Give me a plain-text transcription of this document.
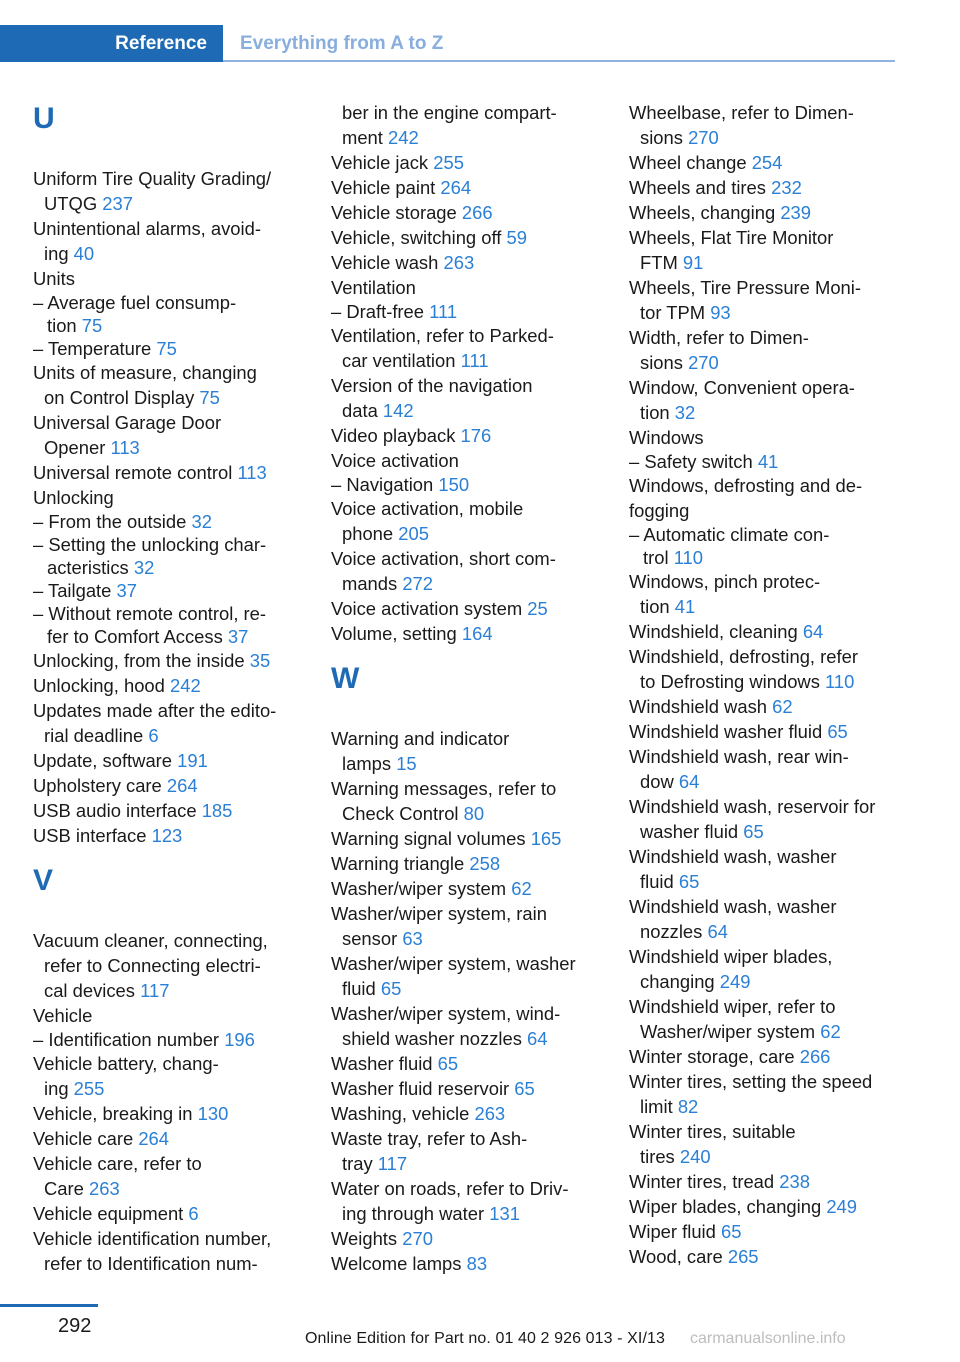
Reference	Everything from A to Z
U
Uniform Tire Quality Grading/
UTQG 237
Unintentional alarms, avoid‐
ing 40
Units
– Average fuel consump‐
tion 75
– Temperature 75
Units of measure, changing
on Control Display 75
Universal Garage Door
Opener 113
Universal remote control 113
Unlocking
– From the outside 32
– Setting the unlocking char‐
acteristics 32
– Tailgate 37
– Without remote control, re‐
fer to Comfort Access 37
Unlocking, from the inside 35
Unlocking, hood 242
Updates made after the edito‐
rial deadline 6
Update, software 191
Upholstery care 264
USB audio interface 185
USB interface 123
V
Vacuum cleaner, connecting,
refer to Connecting electri‐
cal devices 117
Vehicle
– Identification number 196
Vehicle battery, chang‐
ing 255
Vehicle, breaking in 130
Vehicle care 264
Vehicle care, refer to
Care 263
Vehicle equipment 6
Vehicle identification number,
refer to Identification num‐
ber in the engine compart‐
ment 242
Vehicle jack 255
Vehicle paint 264
Vehicle storage 266
Vehicle, switching off 59
Vehicle wash 263
Ventilation
– Draft-free 111
Ventilation, refer to Parked-
car ventilation 111
Version of the navigation
data 142
Video playback 176
Voice activation
– Navigation 150
Voice activation, mobile
phone 205
Voice activation, short com‐
mands 272
Voice activation system 25
Volume, setting 164
W
Warning and indicator
lamps 15
Warning messages, refer to
Check Control 80
Warning signal volumes 165
Warning triangle 258
Washer/wiper system 62
Washer/wiper system, rain
sensor 63
Washer/wiper system, washer
fluid 65
Washer/wiper system, wind‐
shield washer nozzles 64
Washer fluid 65
Washer fluid reservoir 65
Washing, vehicle 263
Waste tray, refer to Ash‐
tray 117
Water on roads, refer to Driv‐
ing through water 131
Weights 270
Welcome lamps 83
Wheelbase, refer to Dimen‐
sions 270
Wheel change 254
Wheels and tires 232
Wheels, changing 239
Wheels, Flat Tire Monitor
FTM 91
Wheels, Tire Pressure Moni‐
tor TPM 93
Width, refer to Dimen‐
sions 270
Window, Convenient opera‐
tion 32
Windows
– Safety switch 41
Windows, defrosting and de‐
fogging
– Automatic climate con‐
trol 110
Windows, pinch protec‐
tion 41
Windshield, cleaning 64
Windshield, defrosting, refer
to Defrosting windows 110
Windshield wash 62
Windshield washer fluid 65
Windshield wash, rear win‐
dow 64
Windshield wash, reservoir for
washer fluid 65
Windshield wash, washer
fluid 65
Windshield wash, washer
nozzles 64
Windshield wiper blades,
changing 249
Windshield wiper, refer to
Washer/wiper system 62
Winter storage, care 266
Winter tires, setting the speed
limit 82
Winter tires, suitable
tires 240
Winter tires, tread 238
Wiper blades, changing 249
Wiper fluid 65
Wood, care 265
292
Online Edition for Part no. 01 40 2 926 013 - XI/13 carmanualsonline.info
